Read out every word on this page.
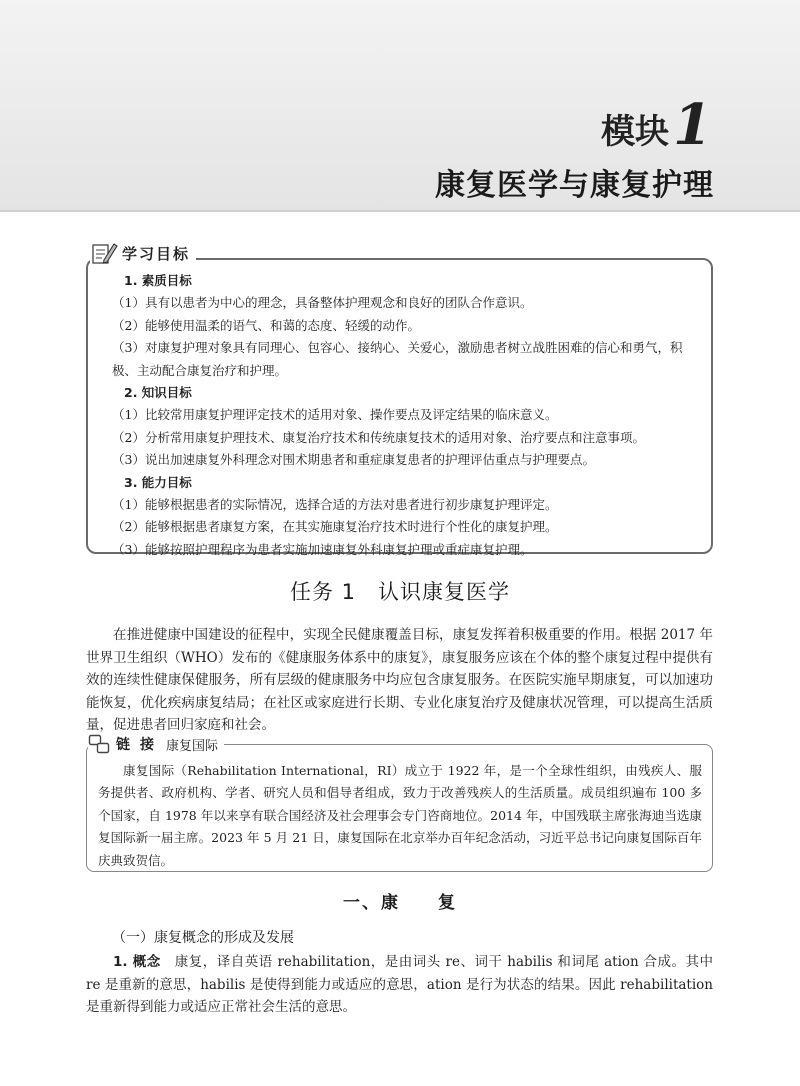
模块 1
康复医学与康复护理
学习目标

1. 素质目标

（1）具有以患者为中心的理念，具备整体护理观念和良好的团队合作意识。

（2）能够使用温柔的语气、和蔼的态度、轻缓的动作。

（3）对康复护理对象具有同理心、包容心、接纳心、关爱心，激励患者树立战胜困难的信心和勇气，积极、主动配合康复治疗和护理。

2. 知识目标

（1）比较常用康复护理评定技术的适用对象、操作要点及评定结果的临床意义。

（2）分析常用康复护理技术、康复治疗技术和传统康复技术的适用对象、治疗要点和注意事项。

（3）说出加速康复外科理念对围术期患者和重症康复患者的护理评估重点与护理要点。

3. 能力目标

（1）能够根据患者的实际情况，选择合适的方法对患者进行初步康复护理评定。

（2）能够根据患者康复方案，在其实施康复治疗技术时进行个性化的康复护理。

（3）能够按照护理程序为患者实施加速康复外科康复护理或重症康复护理。

任务 1　认识康复医学

在推进健康中国建设的征程中，实现全民健康覆盖目标，康复发挥着积极重要的作用。根据 2017 年世界卫生组织（WHO）发布的《健康服务体系中的康复》，康复服务应该在个体的整个康复过程中提供有效的连续性健康保健服务，所有层级的健康服务中均应包含康复服务。在医院实施早期康复，可以加速功能恢复，优化疾病康复结局；在社区或家庭进行长期、专业化康复治疗及健康状况管理，可以提高生活质量，促进患者回归家庭和社会。

链接 康复国际

康复国际（Rehabilitation International，RI）成立于 1922 年，是一个全球性组织，由残疾人、服务提供者、政府机构、学者、研究人员和倡导者组成，致力于改善残疾人的生活质量。成员组织遍布 100 多个国家，自 1978 年以来享有联合国经济及社会理事会专门咨商地位。2014 年，中国残联主席张海迪当选康复国际新一届主席。2023 年 5 月 21 日，康复国际在北京举办百年纪念活动，习近平总书记向康复国际百年庆典致贺信。

一、康　　复
（一）康复概念的形成及发展

1. 概念　康复，译自英语 rehabilitation，是由词头 re、词干 habilis 和词尾 ation 合成。其中 re 是重新的意思，habilis 是使得到能力或适应的意思，ation 是行为状态的结果。因此 rehabilitation 是重新得到能力或适应正常社会生活的意思。
